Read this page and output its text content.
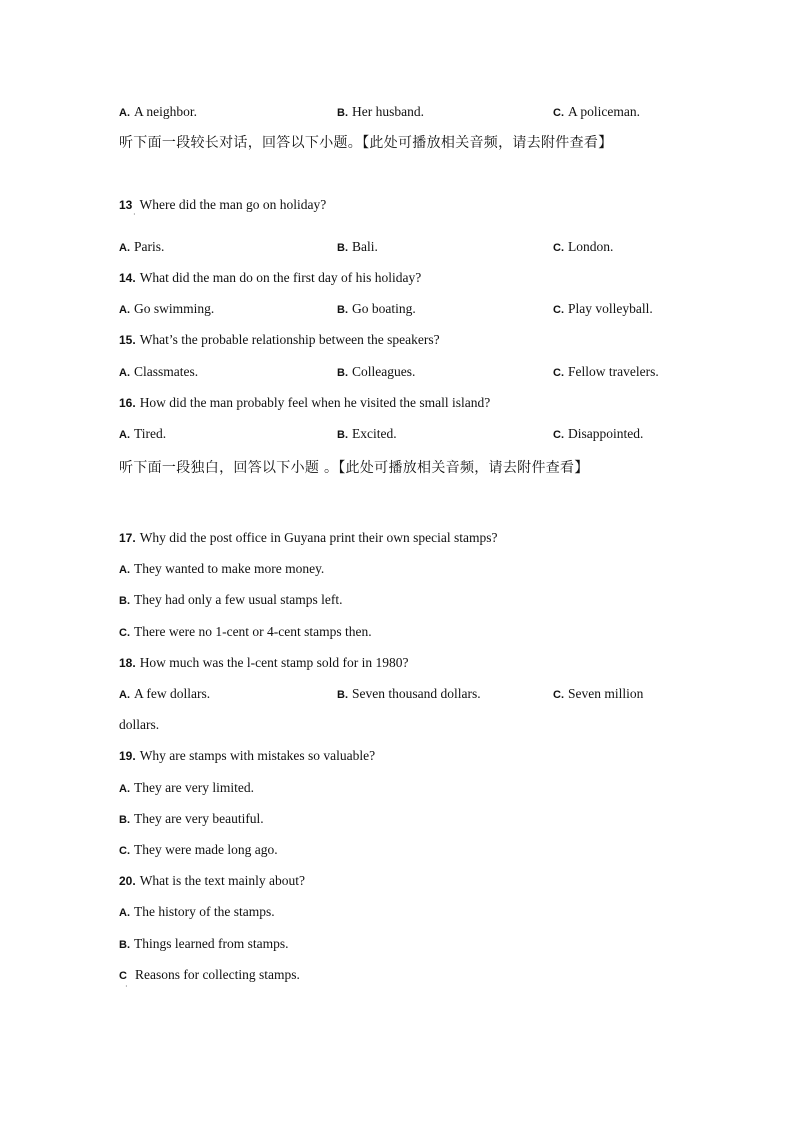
A. A neighbor.	B. Her husband.	C. A policeman.
听下面一段较长对话，回答以下小题。【此处可播放相关音频，请去附件查看】
13 Where did the man go on holiday?
·
A. Paris.	B. Bali.	C. London.
14. What did the man do on the first day of his holiday?
A. Go swimming.	B. Go boating.	C. Play volleyball.
15. What’s the probable relationship between the speakers?
A. Classmates.	B. Colleagues.	C. Fellow travelers.
16. How did the man probably feel when he visited the small island?
A. Tired.	B. Excited.	C. Disappointed.
听下面一段独白，回答以下小题 。【此处可播放相关音频，请去附件查看】
17. Why did the post office in Guyana print their own special stamps?
A. They wanted to make more money.
B. They had only a few usual stamps left.
C. There were no 1-cent or 4-cent stamps then.
18. How much was the l-cent stamp sold for in 1980?
A. A few dollars.	B. Seven thousand dollars.	C. Seven million
dollars.
19. Why are stamps with mistakes so valuable?
A. They are very limited.
B. They are very beautiful.
C. They were made long ago.
20. What is the text mainly about?
A. The history of the stamps.
B. Things learned from stamps.
C Reasons for collecting stamps.
·
